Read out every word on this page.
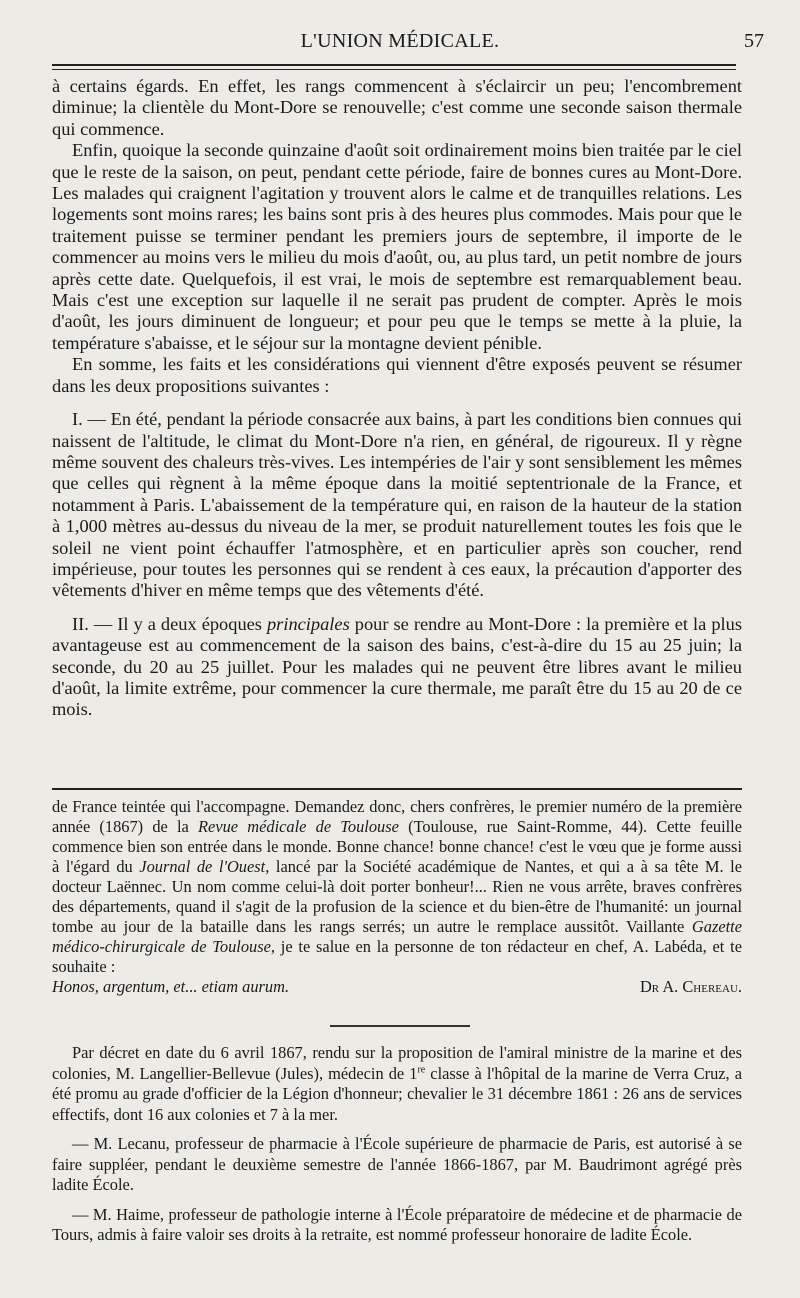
L'UNION MÉDICALE.	57

à certains égards. En effet, les rangs commencent à s'éclaircir un peu; l'encombrement diminue; la clientèle du Mont-Dore se renouvelle; c'est comme une seconde saison thermale qui commence.

Enfin, quoique la seconde quinzaine d'août soit ordinairement moins bien traitée par le ciel que le reste de la saison, on peut, pendant cette période, faire de bonnes cures au Mont-Dore. Les malades qui craignent l'agitation y trouvent alors le calme et de tranquilles relations. Les logements sont moins rares; les bains sont pris à des heures plus commodes. Mais pour que le traitement puisse se terminer pendant les premiers jours de septembre, il importe de le commencer au moins vers le milieu du mois d'août, ou, au plus tard, un petit nombre de jours après cette date. Quelquefois, il est vrai, le mois de septembre est remarquablement beau. Mais c'est une exception sur laquelle il ne serait pas prudent de compter. Après le mois d'août, les jours diminuent de longueur; et pour peu que le temps se mette à la pluie, la température s'abaisse, et le séjour sur la montagne devient pénible.

En somme, les faits et les considérations qui viennent d'être exposés peuvent se résumer dans les deux propositions suivantes :

I. — En été, pendant la période consacrée aux bains, à part les conditions bien connues qui naissent de l'altitude, le climat du Mont-Dore n'a rien, en général, de rigoureux. Il y règne même souvent des chaleurs très-vives. Les intempéries de l'air y sont sensiblement les mêmes que celles qui règnent à la même époque dans la moitié septentrionale de la France, et notamment à Paris. L'abaissement de la température qui, en raison de la hauteur de la station à 1,000 mètres au-dessus du niveau de la mer, se produit naturellement toutes les fois que le soleil ne vient point échauffer l'atmosphère, et en particulier après son coucher, rend impérieuse, pour toutes les personnes qui se rendent à ces eaux, la précaution d'apporter des vêtements d'hiver en même temps que des vêtements d'été.

II. — Il y a deux époques principales pour se rendre au Mont-Dore : la première et la plus avantageuse est au commencement de la saison des bains, c'est-à-dire du 15 au 25 juin; la seconde, du 20 au 25 juillet. Pour les malades qui ne peuvent être libres avant le milieu d'août, la limite extrême, pour commencer la cure thermale, me paraît être du 15 au 20 de ce mois.

de France teintée qui l'accompagne. Demandez donc, chers confrères, le premier numéro de la première année (1867) de la Revue médicale de Toulouse (Toulouse, rue Saint-Romme, 44). Cette feuille commence bien son entrée dans le monde. Bonne chance! bonne chance! c'est le vœu que je forme aussi à l'égard du Journal de l'Ouest, lancé par la Société académique de Nantes, et qui a à sa tête M. le docteur Laënnec. Un nom comme celui-là doit porter bonheur!... Rien ne vous arrête, braves confrères des départements, quand il s'agit de la profusion de la science et du bien-être de l'humanité: un journal tombe au jour de la bataille dans les rangs serrés; un autre le remplace aussitôt. Vaillante Gazette médico-chirurgicale de Toulouse, je te salue en la personne de ton rédacteur en chef, A. Labéda, et te souhaite :

Honos, argentum, et... etiam aurum.	Dr A. Chereau.

Par décret en date du 6 avril 1867, rendu sur la proposition de l'amiral ministre de la marine et des colonies, M. Langellier-Bellevue (Jules), médecin de 1re classe à l'hôpital de la marine de Verra Cruz, a été promu au grade d'officier de la Légion d'honneur; chevalier le 31 décembre 1861 : 26 ans de services effectifs, dont 16 aux colonies et 7 à la mer.

— M. Lecanu, professeur de pharmacie à l'École supérieure de pharmacie de Paris, est autorisé à se faire suppléer, pendant le deuxième semestre de l'année 1866-1867, par M. Baudrimont agrégé près ladite École.

— M. Haime, professeur de pathologie interne à l'École préparatoire de médecine et de pharmacie de Tours, admis à faire valoir ses droits à la retraite, est nommé professeur honoraire de ladite École.
